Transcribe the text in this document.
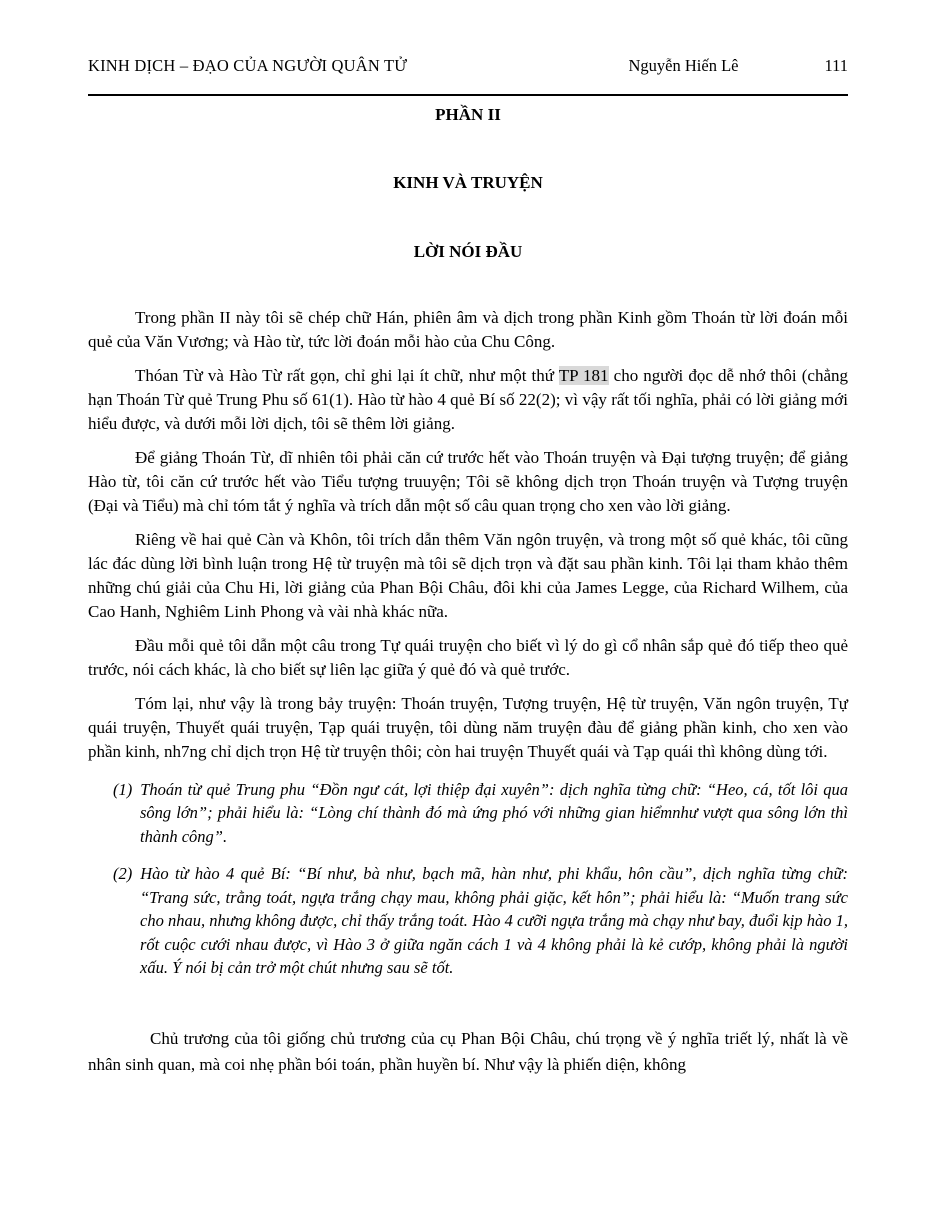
KINH DỊCH – ĐẠO CỦA NGƯỜI QUÂN TỬ	Nguyễn Hiến Lê	111
PHẦN II
KINH VÀ TRUYỆN
LỜI NÓI ĐẦU

Trong phần II này tôi sẽ chép chữ Hán, phiên âm và dịch trong phần Kinh gồm Thoán từ lời đoán mỗi quẻ của Văn Vương; và Hào từ, tức lời đoán mỗi hào của Chu Công.

Thóan Từ và Hào Từ rất gọn, chỉ ghi lại ít chữ, như một thứ TP 181 cho người đọc dễ nhớ thôi (chẳng hạn Thoán Từ quẻ Trung Phu số 61(1). Hào từ hào 4 quẻ Bí số 22(2); vì vậy rất tối nghĩa, phải có lời giảng mới hiểu được, và dưới mỗi lời dịch, tôi sẽ thêm lời giảng.

Để giảng Thoán Từ, dĩ nhiên tôi phải căn cứ trước hết vào Thoán truyện và Đại tượng truyện; để giảng Hào từ, tôi căn cứ trước hết vào Tiểu tượng truuyện; Tôi sẽ không dịch trọn Thoán truyện và Tượng truyện (Đại và Tiểu) mà chỉ tóm tắt ý nghĩa và trích dẫn một số câu quan trọng cho xen vào lời giảng.

Riêng về hai quẻ Càn và Khôn, tôi trích dẫn thêm Văn ngôn truyện, và trong một số quẻ khác, tôi cũng lác đác dùng lời bình luận trong Hệ từ truyện mà tôi sẽ dịch trọn và đặt sau phần kinh. Tôi lại tham khảo thêm những chú giải của Chu Hi, lời giảng của Phan Bội Châu, đôi khi của James Legge, của Richard Wilhem, của Cao Hanh, Nghiêm Linh Phong và vài nhà khác nữa.

Đầu mỗi quẻ tôi dẫn một câu trong Tự quái truyện cho biết vì lý do gì cổ nhân sắp quẻ đó tiếp theo quẻ trước, nói cách khác, là cho biết sự liên lạc giữa ý quẻ đó và quẻ trước.

Tóm lại, như vậy là trong bảy truyện: Thoán truyện, Tượng truyện, Hệ từ truyện, Văn ngôn truyện, Tự quái truyện, Thuyết quái truyện, Tạp quái truyện, tôi dùng năm truyện đàu để giảng phần kinh, cho xen vào phần kinh, nh7ng chỉ dịch trọn Hệ từ truyện thôi; còn hai truyện Thuyết quái và Tạp quái thì không dùng tới.

(1) Thoán từ quẻ Trung phu “Đồn ngư cát, lợi thiệp đại xuyên”: dịch nghĩa từng chữ: “Heo, cá, tốt lôi qua sông lớn”; phải hiểu là: “Lòng chí thành đó mà ứng phó với những gian hiểmnhư vượt qua sông lớn thì thành công”.

(2) Hào từ hào 4 quẻ Bí: “Bí như, bà như, bạch mã, hàn như, phi khẩu, hôn cầu”, dịch nghĩa từng chữ: “Trang sức, trằng toát, ngựa trắng chạy mau, không phải giặc, kết hôn”; phải hiểu là: “Muốn trang sức cho nhau, nhưng không được, chỉ thấy trắng toát. Hào 4 cưỡi ngựa trắng mà chạy như bay, đuổi kịp hào 1, rốt cuộc cưới nhau được, vì Hào 3 ở giữa ngăn cách 1 và 4 không phải là kẻ cướp, không phải là người xấu. Ý nói bị cản trở một chút nhưng sau sẽ tốt.

Chủ trương của tôi giống chủ trương của cụ Phan Bội Châu, chú trọng về ý nghĩa triết lý, nhất là về nhân sinh quan, mà coi nhẹ phần bói toán, phần huyền bí. Như vậy là phiến diện, không
